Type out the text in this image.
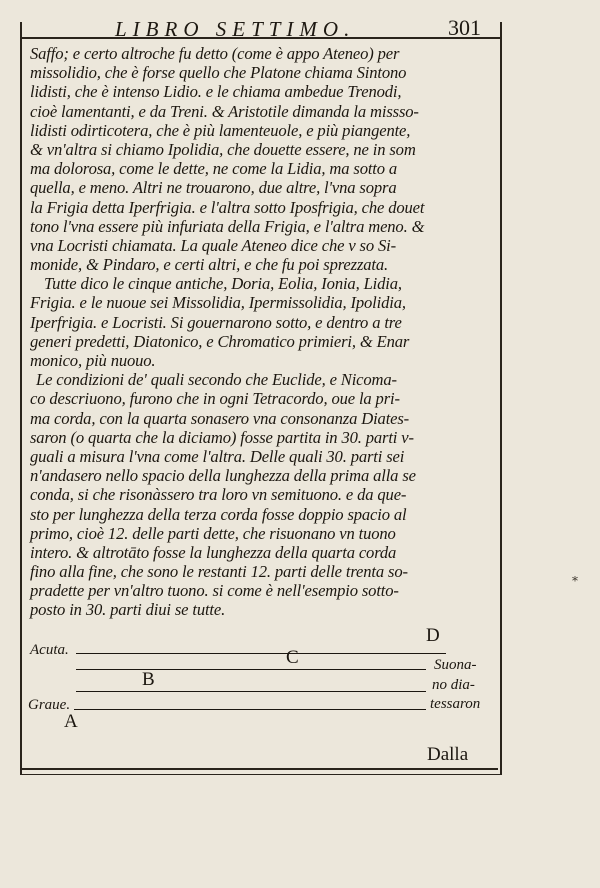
LIBRO SETTIMO.	301
Saffo; e certo altroche fu detto (come è appo Ateneo) per
missolidio, che è forse quello che Platone chiama Sintono
lidisti, che è intenso Lidio. e le chiama ambedue Trenodi,
cioè lamentanti, e da Treni. & Aristotile dimanda la missso-
lidisti odirticotera, che è più lamenteuole, e più piangente,
& vn'altra si chiamo Ipolidia, che douette essere, ne in som
ma dolorosa, come le dette, ne come la Lidia, ma sotto a
quella, e meno. Altri ne trouarono, due altre, l'vna sopra
la Frigia detta Iperfrigia. e l'altra sotto Iposfrigia, che douet
tono l'vna essere più infuriata della Frigia, e l'altra meno. &
vna Locristi chiamata. La quale Ateneo dice che v so Si-
monide, & Pindaro, e certi altri, e che fu poi sprezzata.
Tutte dico le cinque antiche, Doria, Eolia, Ionia, Lidia,
Frigia. e le nuoue sei Missolidia, Ipermissolidia, Ipolidia,
Iperfrigia. e Locristi. Si gouernarono sotto, e dentro a tre
generi predetti, Diatonico, e Chromatico primieri, & Enar
monico, più nuouo.
Le condizioni de' quali secondo che Euclide, e Nicoma-
co descriuono, furono che in ogni Tetracordo, oue la pri-
ma corda, con la quarta sonasero vna consonanza Diates-
saron (o quarta che la diciamo) fosse partita in 30. parti v-
guali a misura l'vna come l'altra. Delle quali 30. parti sei
n'andasero nello spacio della lunghezza della prima alla se
conda, si che risonàssero tra loro vn semituono. e da que-
sto per lunghezza della terza corda fosse doppio spacio al
primo, cioè 12. delle parti dette, che risuonano vn tuono
intero. & altrotāto fosse la lunghezza della quarta corda
fino alla fine, che sono le restanti 12. parti delle trenta so-
pradette per vn'altro tuono. si come è nell'esempio sotto-
posto in 30. parti diui se tutte.
D
Acuta.	C
B
Graue.
A
Suona-
no dia-
tessaron
Dalla
⁎
